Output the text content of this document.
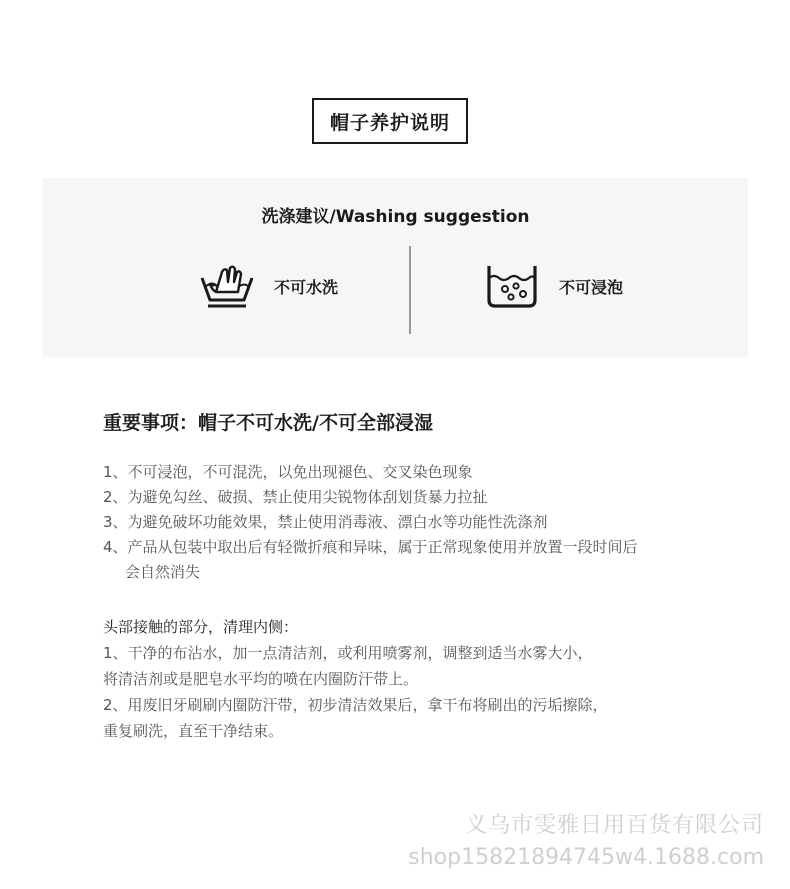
帽子养护说明
洗涤建议/Washing suggestion
不可水洗	不可浸泡
重要事项：帽子不可水洗/不可全部浸湿
1、不可浸泡，不可混洗，以免出现褪色、交叉染色现象
2、为避免勾丝、破损、禁止使用尖锐物体刮划货暴力拉扯
3、为避免破坏功能效果，禁止使用消毒液、漂白水等功能性洗涤剂
4、产品从包装中取出后有轻微折痕和异味，属于正常现象使用并放置一段时间后
会自然消失
头部接触的部分，清理内侧：
1、干净的布沾水，加一点清洁剂，或利用喷雾剂，调整到适当水雾大小，
将清洁剂或是肥皂水平均的喷在内圈防汗带上。
2、用废旧牙刷刷内圈防汗带，初步清洁效果后，拿干布将刷出的污垢擦除，
重复刷洗，直至干净结束。
义乌市雯雅日用百货有限公司
shop1582189474​5w4.1688.com
